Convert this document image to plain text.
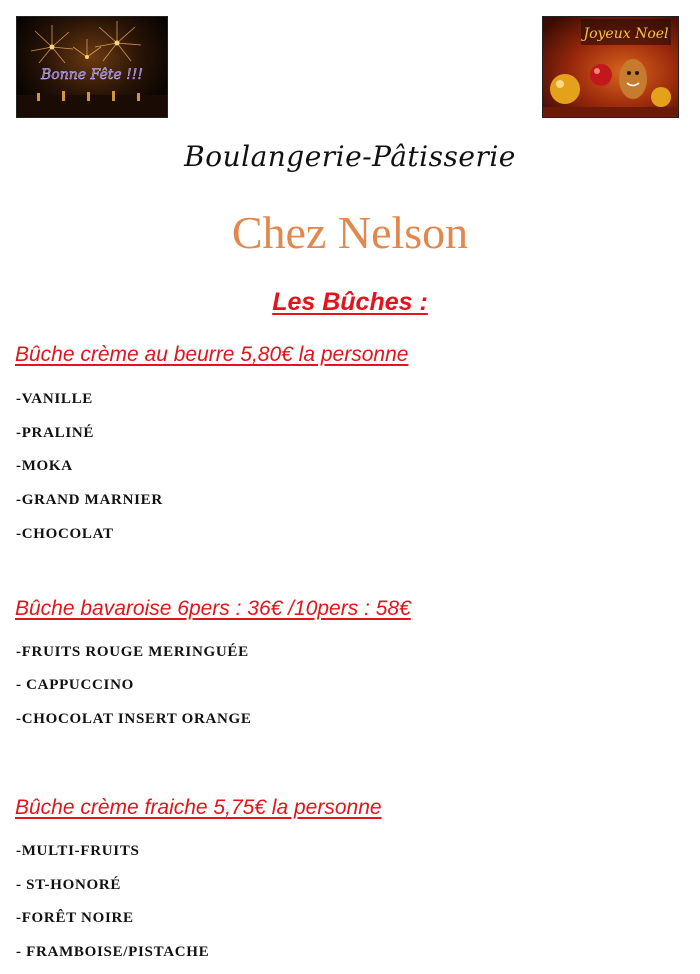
Bonne Fête !!!
Joyeux Noel
Boulangerie-Pâtisserie
Chez Nelson
Les Bûches :
Bûche crème au beurre 5,80€ la personne
-VANILLE
-PRALINÉ
-MOKA
-GRAND MARNIER
-CHOCOLAT
Bûche bavaroise 6pers : 36€ /10pers : 58€
-FRUITS ROUGE MERINGUÉE
- CAPPUCCINO
-CHOCOLAT INSERT ORANGE
Bûche crème fraiche 5,75€ la personne
-MULTI-FRUITS
- ST-HONORÉ
-FORÊT NOIRE
- FRAMBOISE/PISTACHE
